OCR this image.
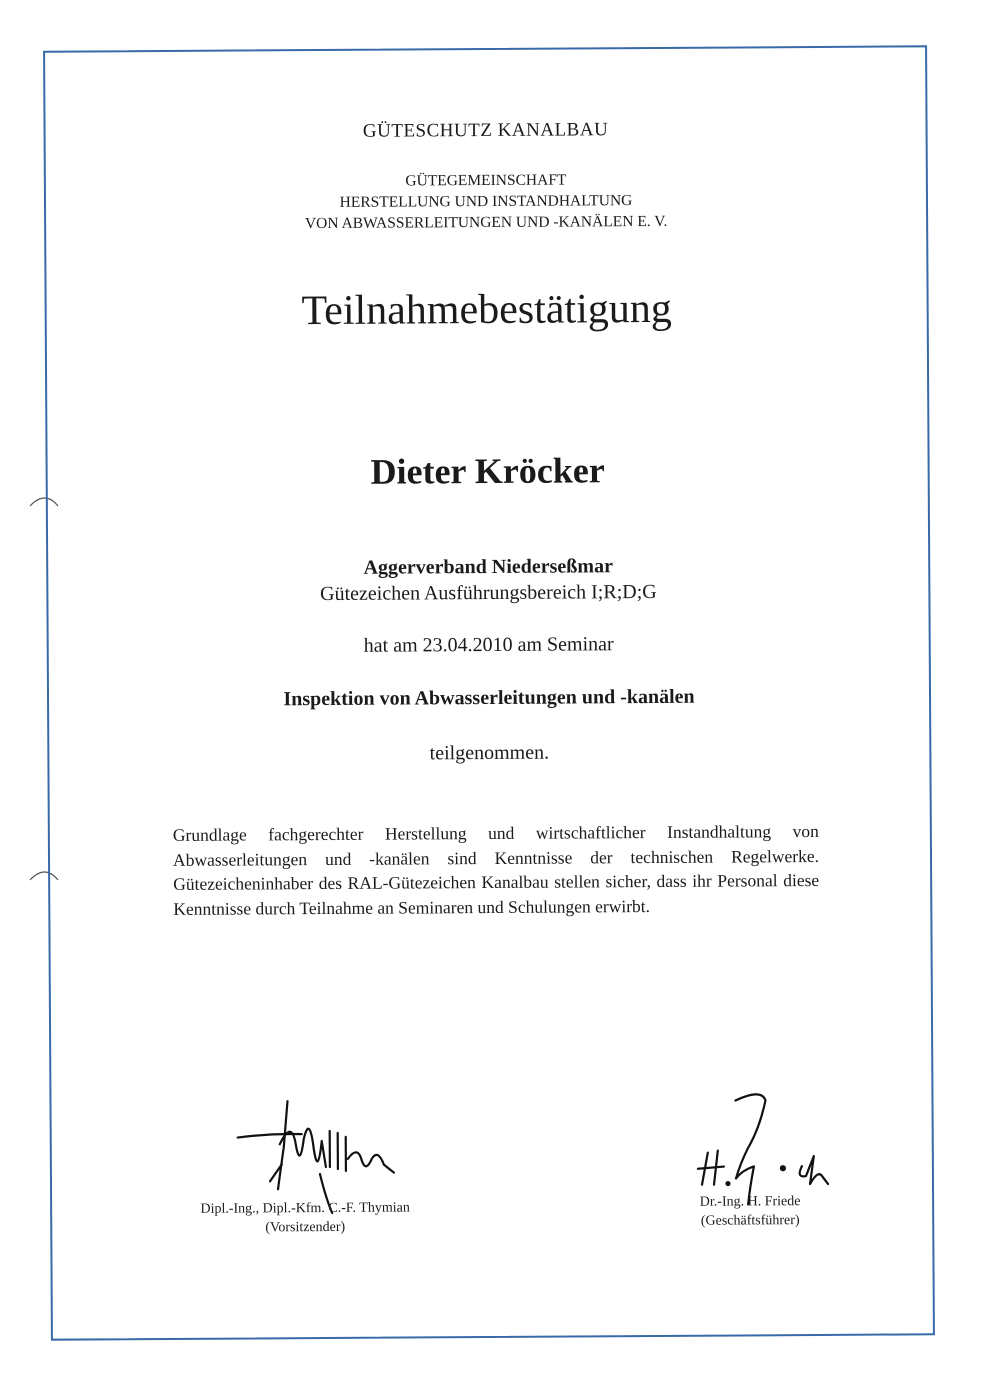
GÜTESCHUTZ KANALBAU
GÜTEGEMEINSCHAFT
HERSTELLUNG UND INSTANDHALTUNG
VON ABWASSERLEITUNGEN UND -KANÄLEN E. V.
Teilnahmebestätigung
Dieter Kröcker
Aggerverband Niederseßmar
Gütezeichen Ausführungsbereich I;R;D;G
hat am 23.04.2010 am Seminar
Inspektion von Abwasserleitungen und -kanälen
teilgenommen.

Grundlage fachgerechter Herstellung und wirtschaftlicher Instandhaltung von Abwasserleitungen und -kanälen sind Kenntnisse der technischen Regelwerke. Gütezeicheninhaber des RAL-Gütezeichen Kanalbau stellen sicher, dass ihr Personal diese Kenntnisse durch Teilnahme an Seminaren und Schulungen erwirbt.

Dipl.-Ing., Dipl.-Kfm. C.-F. Thymian
(Vorsitzender)
Dr.-Ing. H. Friede
(Geschäftsführer)
